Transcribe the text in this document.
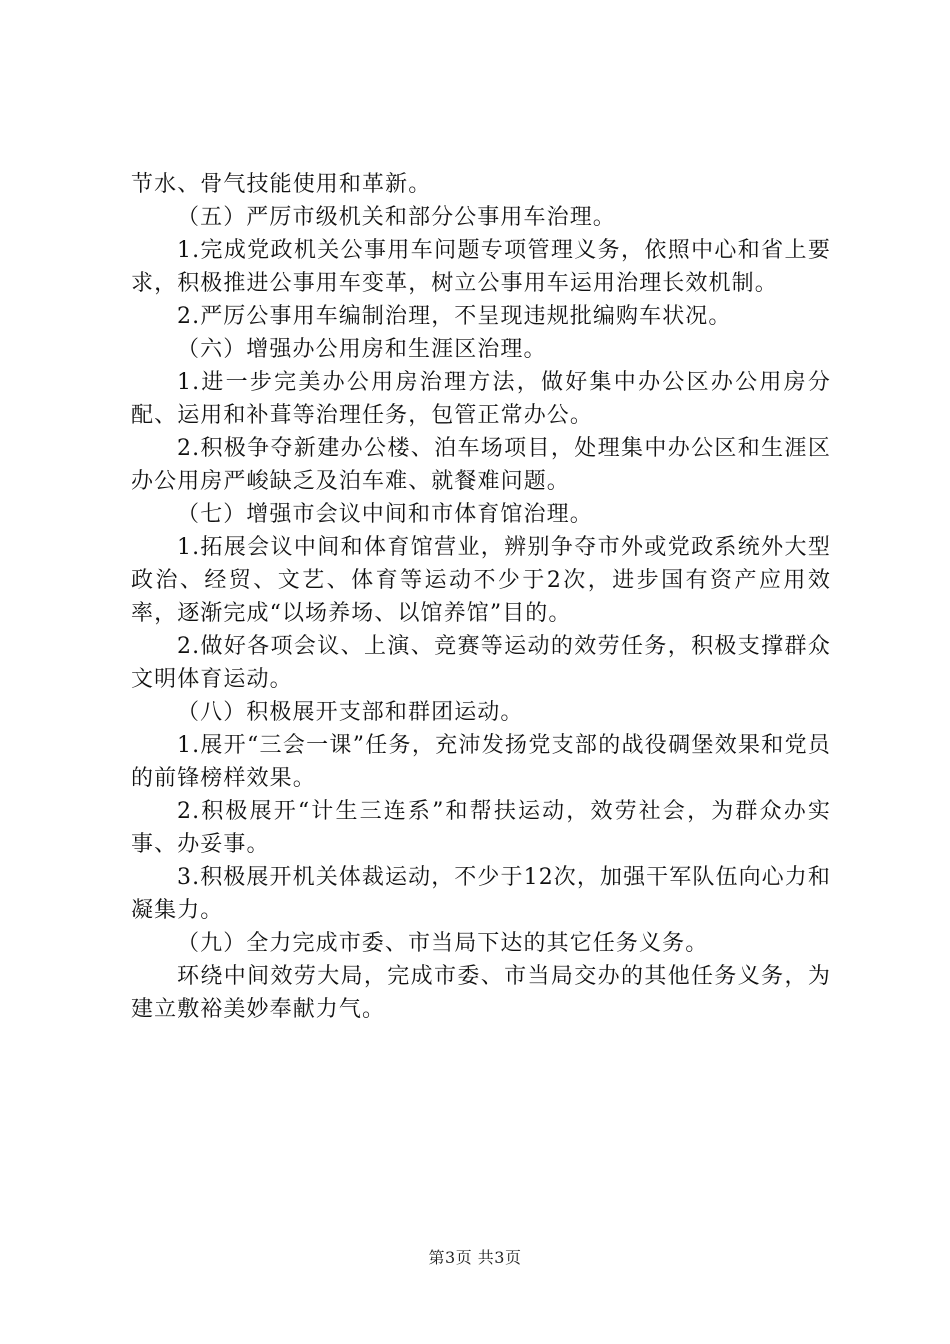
节水、骨气技能使用和革新。

（五）严厉市级机关和部分公事用车治理。

1.完成党政机关公事用车问题专项管理义务，依照中心和省上要求，积极推进公事用车变革，树立公事用车运用治理长效机制。

2.严厉公事用车编制治理，不呈现违规批编购车状况。

（六）增强办公用房和生涯区治理。

1.进一步完美办公用房治理方法，做好集中办公区办公用房分配、运用和补葺等治理任务，包管正常办公。

2.积极争夺新建办公楼、泊车场项目，处理集中办公区和生涯区办公用房严峻缺乏及泊车难、就餐难问题。

（七）增强市会议中间和市体育馆治理。

1.拓展会议中间和体育馆营业，辨别争夺市外或党政系统外大型政治、经贸、文艺、体育等运动不少于2次，进步国有资产应用效率，逐渐完成“以场养场、以馆养馆”目的。

2.做好各项会议、上演、竞赛等运动的效劳任务，积极支撑群众文明体育运动。

（八）积极展开支部和群团运动。

1.展开“三会一课”任务，充沛发扬党支部的战役碉堡效果和党员的前锋榜样效果。

2.积极展开“计生三连系”和帮扶运动，效劳社会，为群众办实事、办妥事。

3.积极展开机关体裁运动，不少于12次，加强干军队伍向心力和凝集力。

（九）全力完成市委、市当局下达的其它任务义务。

环绕中间效劳大局，完成市委、市当局交办的其他任务义务，为建立敷裕美妙奉献力气。

第3页 共3页
